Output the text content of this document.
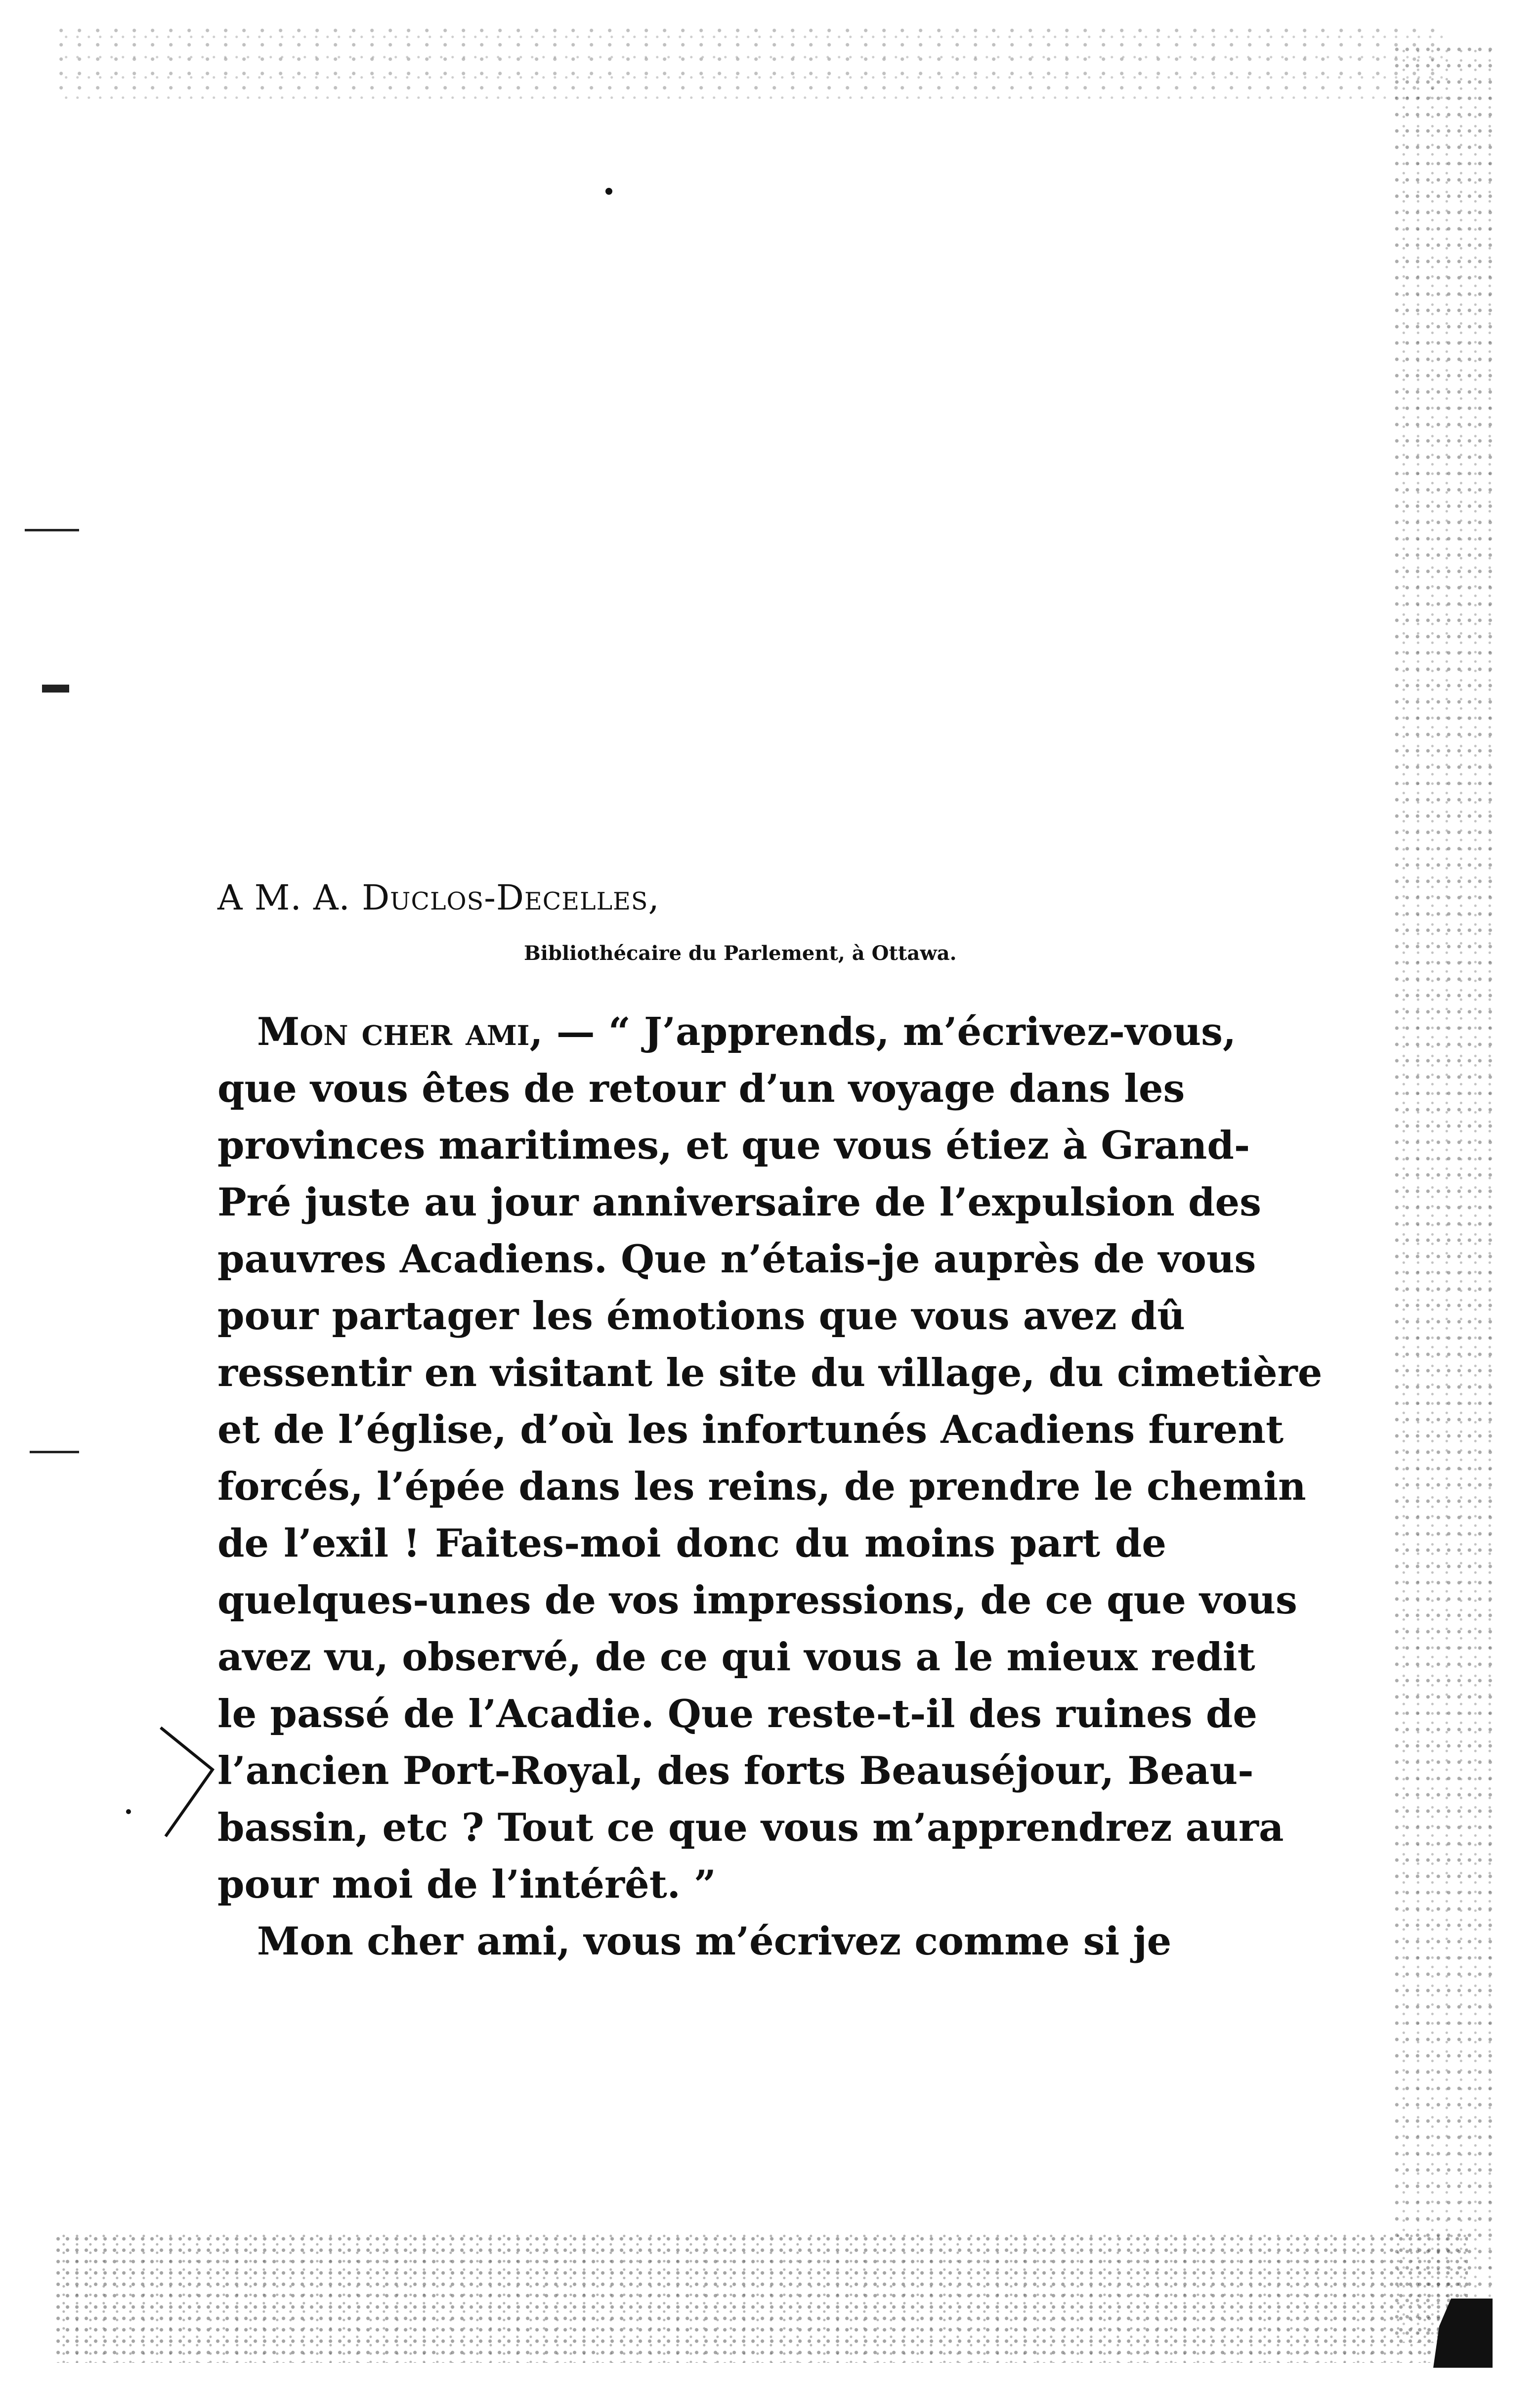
A M. A. Duclos-Decelles,
Bibliothécaire du Parlement, à Ottawa.
Mon cher ami, — “ J’apprends, m’écrivez-vous,
que vous êtes de retour d’un voyage dans les
provinces maritimes, et que vous étiez à Grand-
Pré juste au jour anniversaire de l’expulsion des
pauvres Acadiens. Que n’étais-je auprès de vous
pour partager les émotions que vous avez dû
ressentir en visitant le site du village, du cimetière
et de l’église, d’où les infortunés Acadiens furent
forcés, l’épée dans les reins, de prendre le chemin
de l’exil ! Faites-moi donc du moins part de
quelques-unes de vos impressions, de ce que vous
avez vu, observé, de ce qui vous a le mieux redit
le passé de l’Acadie. Que reste-t-il des ruines de
l’ancien Port-Royal, des forts Beauséjour, Beau-
bassin, etc ? Tout ce que vous m’apprendrez aura
pour moi de l’intérêt. ”
Mon cher ami, vous m’écrivez comme si je
